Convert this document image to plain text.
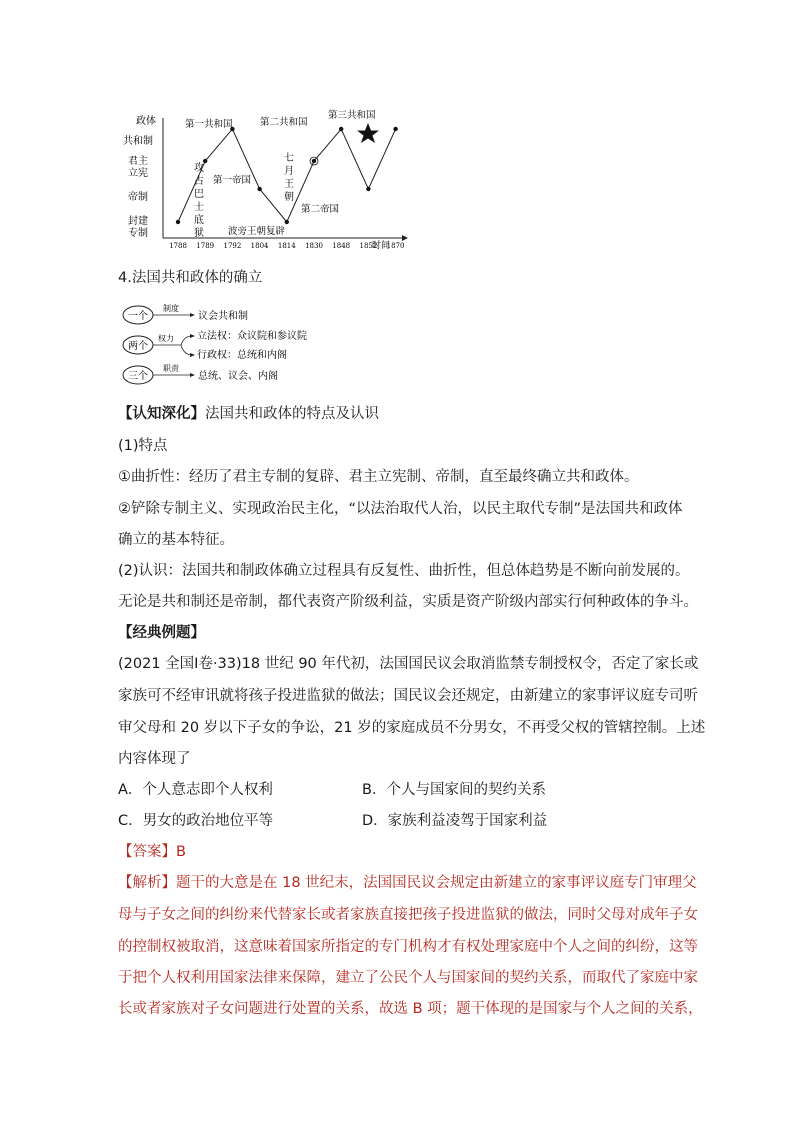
政体
共和制
君主
立宪
帝制
封建
专制
时间
1788 1789 1792 1804 1814 1830 1848 1852 1870
第一共和国	第二共和国
第三共和国
第一帝国
第二帝国
波旁王朝复辟
攻
占
巴
士
底
狱
七
月
王
朝
4.法国共和政体的确立
一个
制度
议会共和制
两个
权力 立法权：众议院和参议院
行政权：总统和内阁
三个
职责
总统、议会、内阁
【认知深化】法国共和政体的特点及认识
(1)特点
①曲折性：经历了君主专制的复辟、君主立宪制、帝制，直至最终确立共和政体。
②铲除专制主义、实现政治民主化，“以法治取代人治，以民主取代专制”是法国共和政体
确立的基本特征。
(2)认识：法国共和制政体确立过程具有反复性、曲折性，但总体趋势是不断向前发展的。
无论是共和制还是帝制，都代表资产阶级利益，实质是资产阶级内部实行何种政体的争斗。
【经典例题】
(2021 全国Ⅰ卷·33)18 世纪 90 年代初，法国国民议会取消监禁专制授权令，否定了家长或
家族可不经审讯就将孩子投进监狱的做法；国民议会还规定，由新建立的家事评议庭专司听
审父母和 20 岁以下子女的争讼，21 岁的家庭成员不分男女，不再受父权的管辖控制。上述
内容体现了
A．个人意志即个人权利	B．个人与国家间的契约关系
C．男女的政治地位平等	D．家族利益凌驾于国家利益
【答案】B
【解析】题干的大意是在 18 世纪末，法国国民议会规定由新建立的家事评议庭专门审理父
母与子女之间的纠纷来代替家长或者家族直接把孩子投进监狱的做法，同时父母对成年子女
的控制权被取消，这意味着国家所指定的专门机构才有权处理家庭中个人之间的纠纷，这等
于把个人权利用国家法律来保障，建立了公民个人与国家间的契约关系，而取代了家庭中家
长或者家族对子女问题进行处置的关系，故选 B 项；题干体现的是国家与个人之间的关系，
